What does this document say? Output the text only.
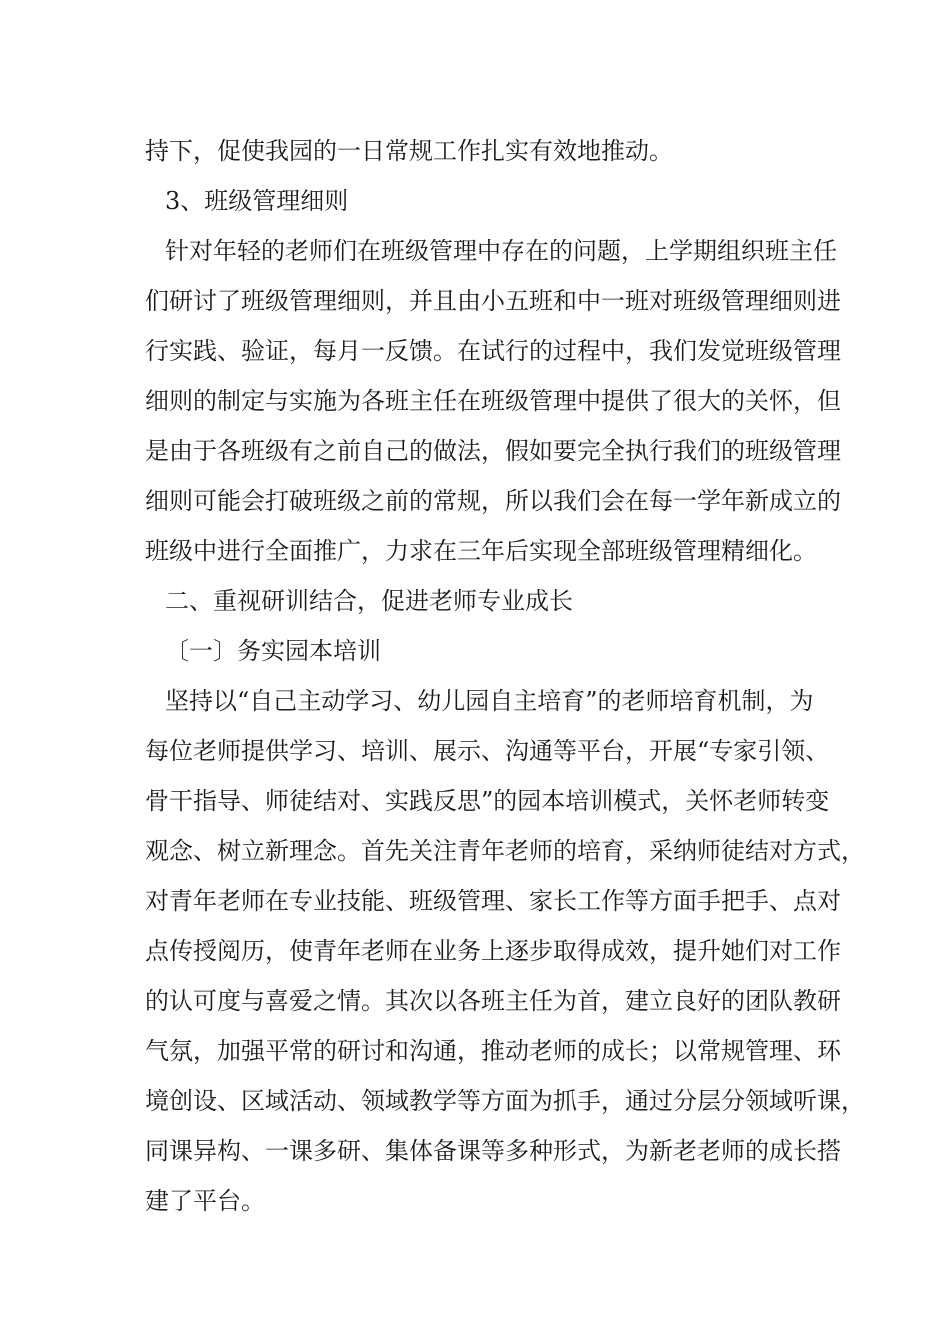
持下，促使我园的一日常规工作扎实有效地推动。
3、班级管理细则
针对年轻的老师们在班级管理中存在的问题，上学期组织班主任
们研讨了班级管理细则，并且由小五班和中一班对班级管理细则进
行实践、验证，每月一反馈。在试行的过程中，我们发觉班级管理
细则的制定与实施为各班主任在班级管理中提供了很大的关怀，但
是由于各班级有之前自己的做法，假如要完全执行我们的班级管理
细则可能会打破班级之前的常规，所以我们会在每一学年新成立的
班级中进行全面推广，力求在三年后实现全部班级管理精细化。
二、重视研训结合，促进老师专业成长
〔一〕务实园本培训
坚持以“自己主动学习、幼儿园自主培育”的老师培育机制，为
每位老师提供学习、培训、展示、沟通等平台，开展“专家引领、
骨干指导、师徒结对、实践反思”的园本培训模式，关怀老师转变
观念、树立新理念。首先关注青年老师的培育，采纳师徒结对方式，
对青年老师在专业技能、班级管理、家长工作等方面手把手、点对
点传授阅历，使青年老师在业务上逐步取得成效，提升她们对工作
的认可度与喜爱之情。其次以各班主任为首，建立良好的团队教研
气氛，加强平常的研讨和沟通，推动老师的成长；以常规管理、环
境创设、区域活动、领域教学等方面为抓手，通过分层分领域听课，
同课异构、一课多研、集体备课等多种形式，为新老老师的成长搭
建了平台。
